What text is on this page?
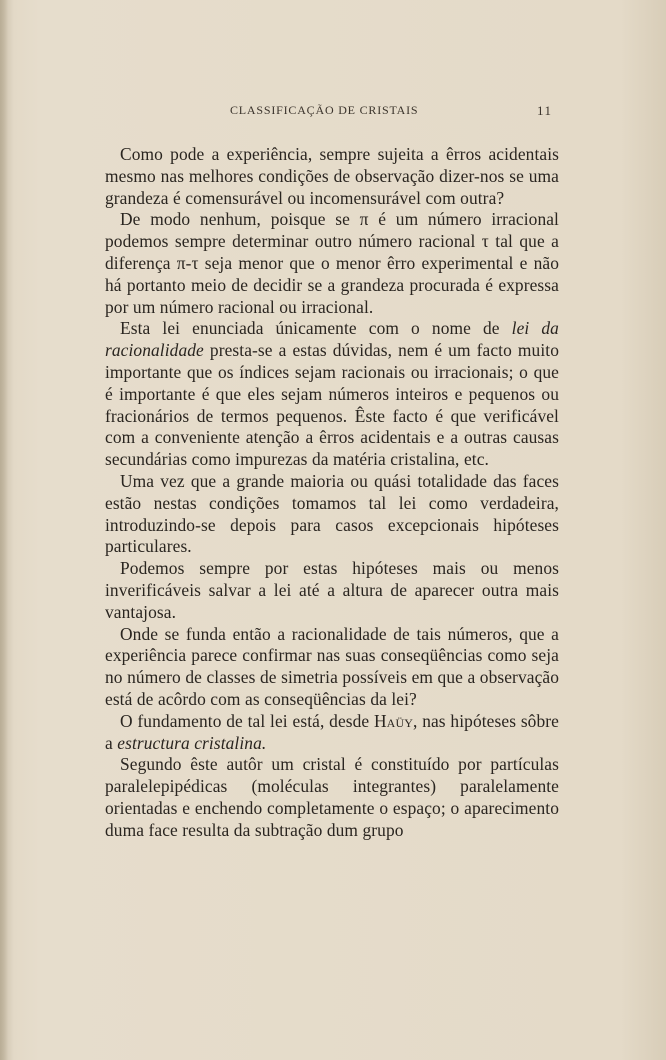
CLASSIFICAÇÃO DE CRISTAIS	11

Como pode a experiência, sempre sujeita a êrros acidentais mesmo nas melhores condições de observação dizer-nos se uma grandeza é comensurável ou incomensurável com outra?

De modo nenhum, poisque se π é um número irracional podemos sempre determinar outro número racional τ tal que a diferença π-τ seja menor que o menor êrro experimental e não há portanto meio de decidir se a grandeza procurada é expressa por um número racional ou irracional.

Esta lei enunciada únicamente com o nome de lei da racionalidade presta-se a estas dúvidas, nem é um facto muito importante que os índices sejam racionais ou irracionais; o que é importante é que eles sejam números inteiros e pequenos ou fracionários de termos pequenos. Êste facto é que verificável com a conveniente atenção a êrros acidentais e a outras causas secundárias como impurezas da matéria cristalina, etc.

Uma vez que a grande maioria ou quási totalidade das faces estão nestas condições tomamos tal lei como verdadeira, introduzindo-se depois para casos excepcionais hipóteses particulares.

Podemos sempre por estas hipóteses mais ou menos inverificáveis salvar a lei até a altura de aparecer outra mais vantajosa.

Onde se funda então a racionalidade de tais números, que a experiência parece confirmar nas suas conseqüências como seja no número de classes de simetria possíveis em que a observação está de acôrdo com as conseqüências da lei?

O fundamento de tal lei está, desde Haüy, nas hipóteses sôbre a estructura cristalina.

Segundo êste autôr um cristal é constituído por partículas paralelepipédicas (moléculas integrantes) paralelamente orientadas e enchendo completamente o espaço; o aparecimento duma face resulta da subtração dum grupo
